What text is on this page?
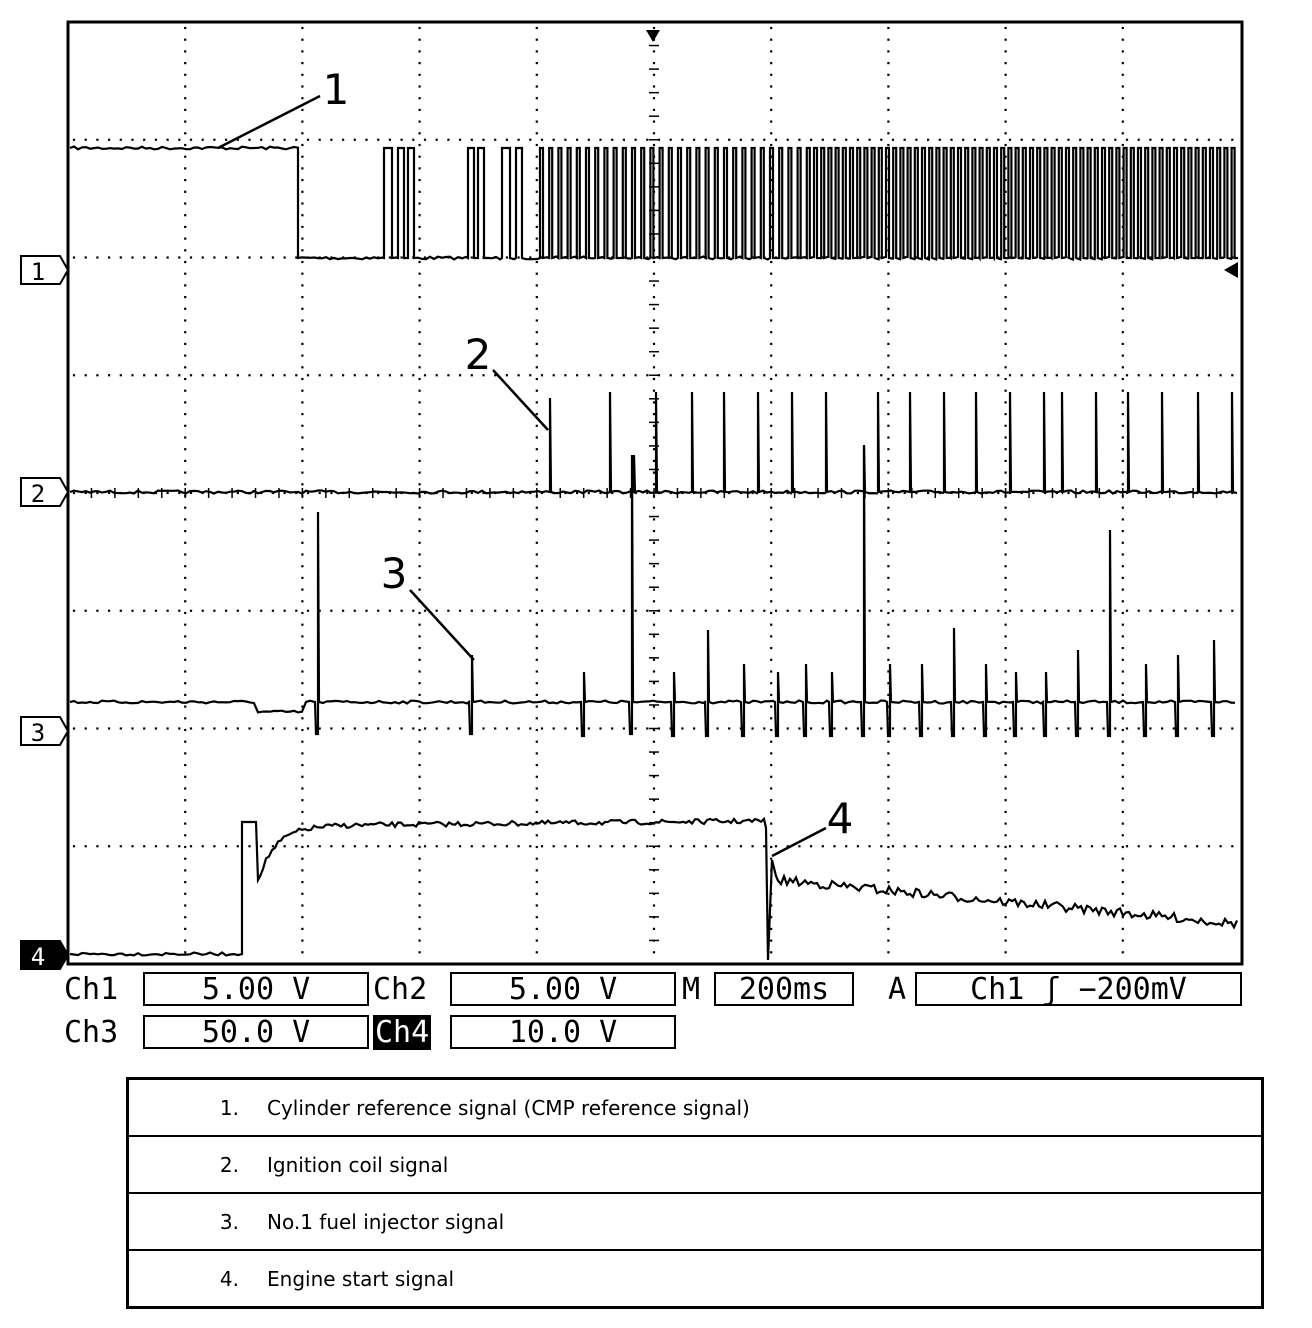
1
2
3
4
1
2
3
4
Ch1	5.00 V	Ch2	5.00 V	M	200ms	A	Ch1 ʃ −200mV
Ch3	50.0 V	Ch4	10.0 V
1.	Cylinder reference signal (CMP reference signal)
2.	Ignition coil signal
3.	No.1 fuel injector signal
4.	Engine start signal
